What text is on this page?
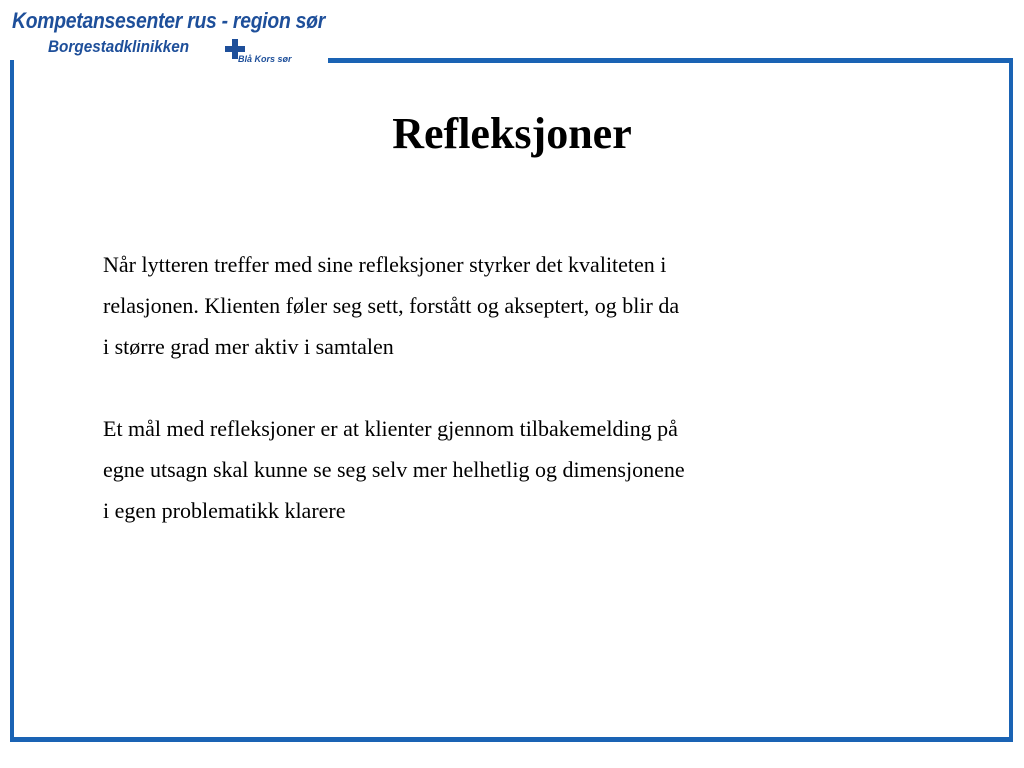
Kompetansesenter rus - region sør
Borgestadklinikken
Blå Kors sør
Refleksjoner

Når lytteren treffer med sine refleksjoner styrker det kvaliteten i
relasjonen. Klienten føler seg sett, forstått og akseptert, og blir da
i større grad mer aktiv i samtalen

Et mål med refleksjoner er at klienter gjennom tilbakemelding på
egne utsagn skal kunne se seg selv mer helhetlig og dimensjonene
i egen problematikk klarere
